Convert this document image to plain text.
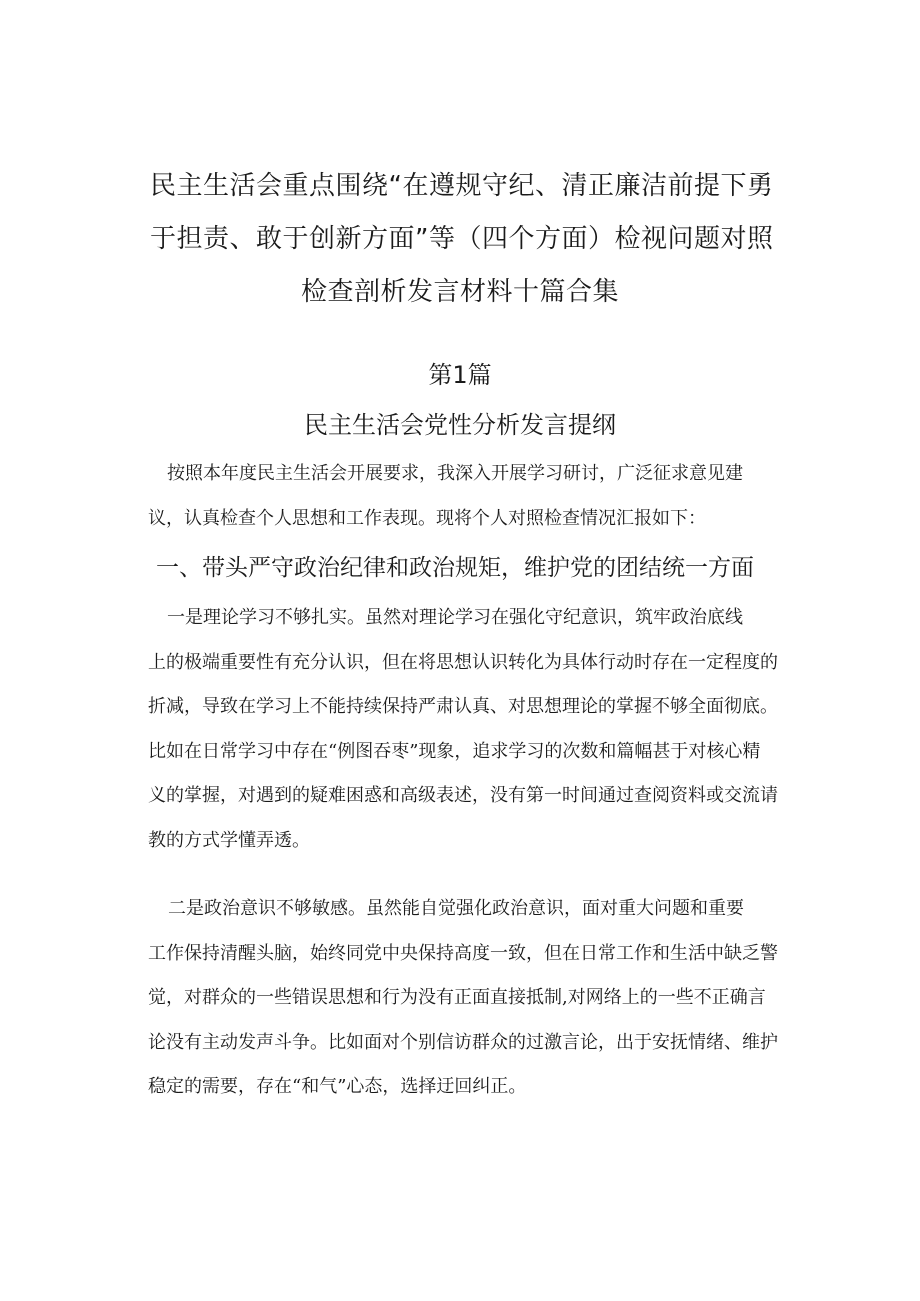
民主生活会重点围绕“在遵规守纪、清正廉洁前提下勇
于担责、敢于创新方面”等（四个方面）检视问题对照
检查剖析发言材料十篇合集
第1篇
民主生活会党性分析发言提纲

按照本年度民主生活会开展要求，我深入开展学习研讨，广泛征求意见建
议，认真检查个人思想和工作表现。现将个人对照检查情况汇报如下：

一、带头严守政治纪律和政治规矩，维护党的团结统一方面

一是理论学习不够扎实。虽然对理论学习在强化守纪意识，筑牢政治底线
上的极端重要性有充分认识，但在将思想认识转化为具体行动时存在一定程度的
折减，导致在学习上不能持续保持严肃认真、对思想理论的掌握不够全面彻底。
比如在日常学习中存在“例图吞枣”现象，追求学习的次数和篇幅甚于对核心精
义的掌握，对遇到的疑难困惑和高级表述，没有第一时间通过查阅资料或交流请
教的方式学懂弄透。

二是政治意识不够敏感。虽然能自觉强化政治意识，面对重大问题和重要
工作保持清醒头脑，始终同党中央保持高度一致，但在日常工作和生活中缺乏警
觉，对群众的一些错误思想和行为没有正面直接抵制,对网络上的一些不正确言
论没有主动发声斗争。比如面对个别信访群众的过激言论，出于安抚情绪、维护
稳定的需要，存在“和气”心态，选择迂回纠正。
